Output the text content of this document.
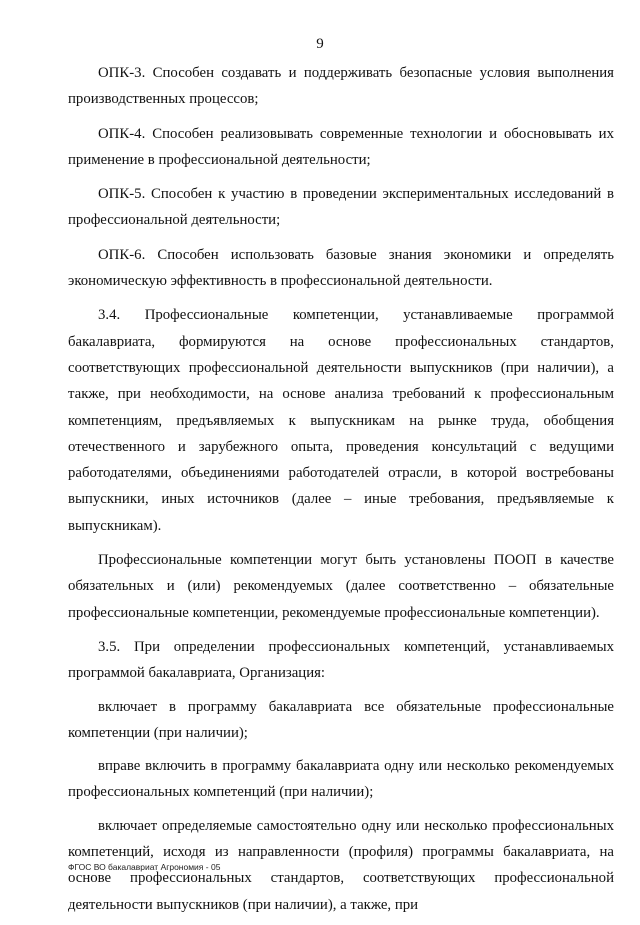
9

ОПК-3. Способен создавать и поддерживать безопасные условия выполнения производственных процессов;

ОПК-4. Способен реализовывать современные технологии и обосновывать их применение в профессиональной деятельности;

ОПК-5. Способен к участию в проведении экспериментальных исследований в профессиональной деятельности;

ОПК-6. Способен использовать базовые знания экономики и определять экономическую эффективность в профессиональной деятельности.

3.4. Профессиональные компетенции, устанавливаемые программой бакалавриата, формируются на основе профессиональных стандартов, соответствующих профессиональной деятельности выпускников (при наличии), а также, при необходимости, на основе анализа требований к профессиональным компетенциям, предъявляемых к выпускникам на рынке труда, обобщения отечественного и зарубежного опыта, проведения консультаций с ведущими работодателями, объединениями работодателей отрасли, в которой востребованы выпускники, иных источников (далее – иные требования, предъявляемые к выпускникам).

Профессиональные компетенции могут быть установлены ПООП в качестве обязательных и (или) рекомендуемых (далее соответственно – обязательные профессиональные компетенции, рекомендуемые профессиональные компетенции).

3.5. При определении профессиональных компетенций, устанавливаемых программой бакалавриата, Организация:

включает в программу бакалавриата все обязательные профессиональные компетенции (при наличии);

вправе включить в программу бакалавриата одну или несколько рекомендуемых профессиональных компетенций (при наличии);

включает определяемые самостоятельно одну или несколько профессиональных компетенций, исходя из направленности (профиля) программы бакалавриата, на основе профессиональных стандартов, соответствующих профессиональной деятельности выпускников (при наличии), а также, при

ФГОС ВО бакалавриат Агрономия - 05
